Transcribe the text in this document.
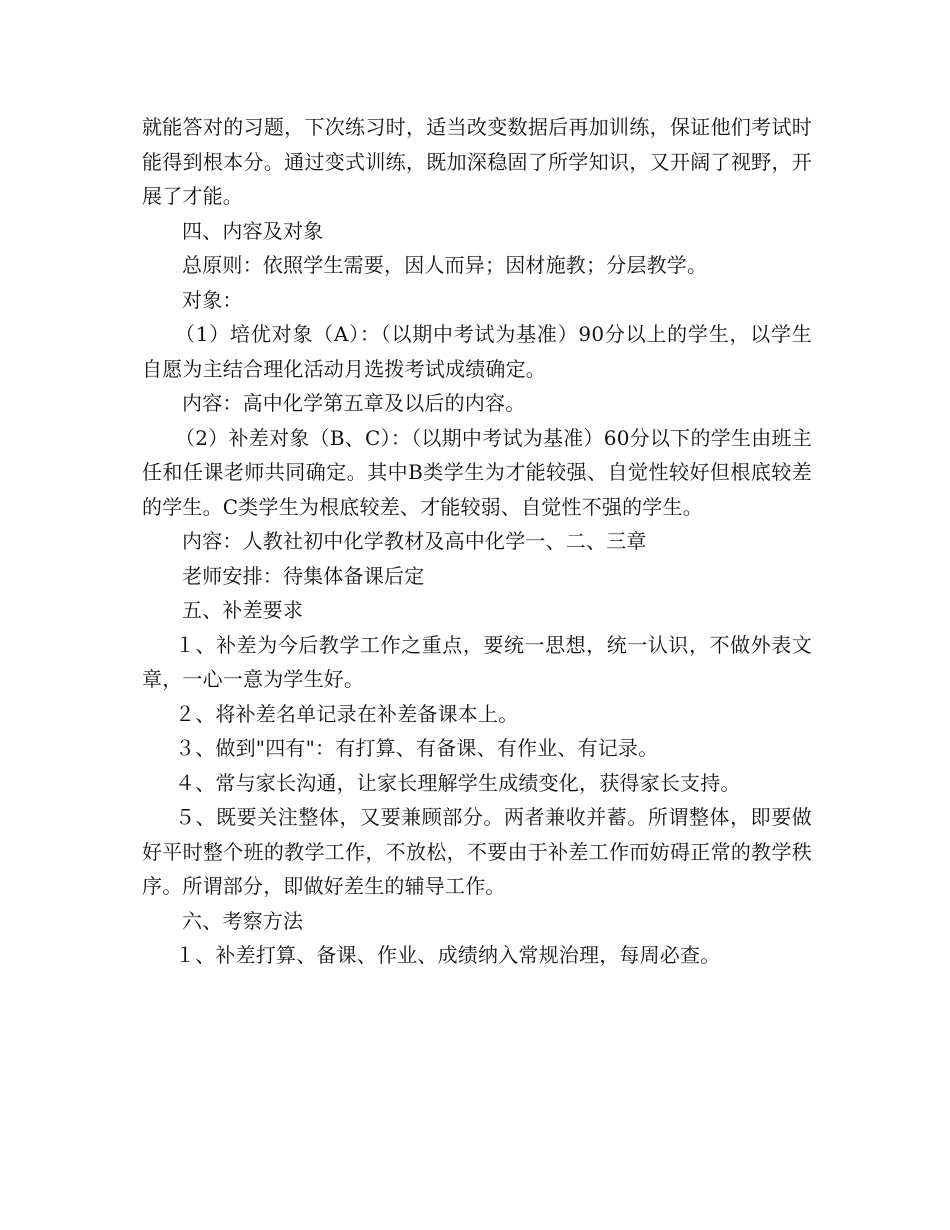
就能答对的习题，下次练习时，适当改变数据后再加训练，保证他们考试时能得到根本分。通过变式训练，既加深稳固了所学知识，又开阔了视野，开展了才能。

四、内容及对象

总原则：依照学生需要，因人而异；因材施教；分层教学。

对象：

（1）培优对象（A）：（以期中考试为基准）90分以上的学生，以学生自愿为主结合理化活动月选拨考试成绩确定。

内容：高中化学第五章及以后的内容。

（2）补差对象（B、C）：（以期中考试为基准）60分以下的学生由班主任和任课老师共同确定。其中B类学生为才能较强、自觉性较好但根底较差的学生。C类学生为根底较差、才能较弱、自觉性不强的学生。

内容：人教社初中化学教材及高中化学一、二、三章

老师安排：待集体备课后定

五、补差要求

１、补差为今后教学工作之重点，要统一思想，统一认识，不做外表文章，一心一意为学生好。

２、将补差名单记录在补差备课本上。

３、做到"四有"：有打算、有备课、有作业、有记录。

４、常与家长沟通，让家长理解学生成绩变化，获得家长支持。

５、既要关注整体，又要兼顾部分。两者兼收并蓄。所谓整体，即要做好平时整个班的教学工作，不放松，不要由于补差工作而妨碍正常的教学秩序。所谓部分，即做好差生的辅导工作。

六、考察方法

１、补差打算、备课、作业、成绩纳入常规治理，每周必查。
